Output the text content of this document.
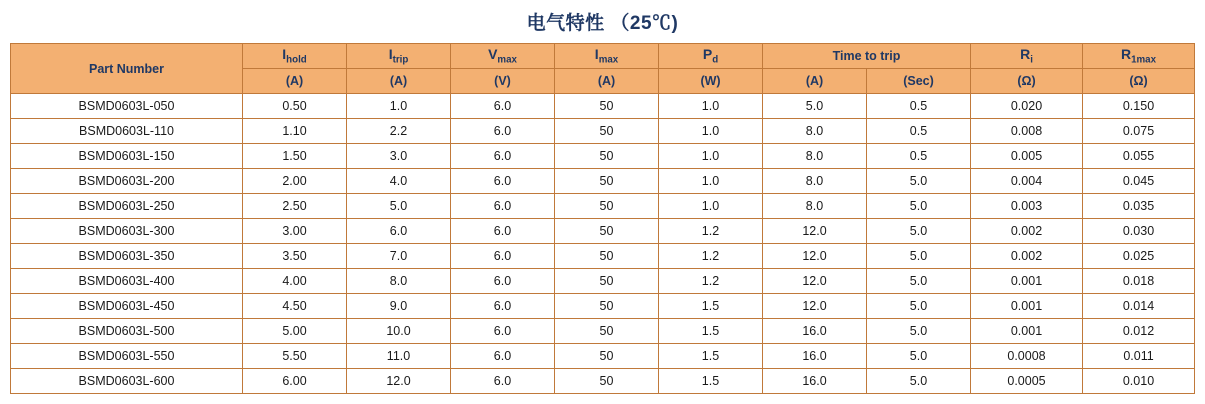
电气特性 （25℃)
Part Number	$I_{hold}$	$I_{trip}$	$V_{max}$	$I_{max}$	$P_d$	Time to trip		$R_i$	$R_{1max}$
	(A)	(A)	(V)	(A)	(W)	(A)	(Sec)	(Ω)	(Ω)
BSMD0603L-050	0.50	1.0	6.0	50	1.0	5.0	0.5	0.020	0.150
BSMD0603L-110	1.10	2.2	6.0	50	1.0	8.0	0.5	0.008	0.075
BSMD0603L-150	1.50	3.0	6.0	50	1.0	8.0	0.5	0.005	0.055
BSMD0603L-200	2.00	4.0	6.0	50	1.0	8.0	5.0	0.004	0.045
BSMD0603L-250	2.50	5.0	6.0	50	1.0	8.0	5.0	0.003	0.035
BSMD0603L-300	3.00	6.0	6.0	50	1.2	12.0	5.0	0.002	0.030
BSMD0603L-350	3.50	7.0	6.0	50	1.2	12.0	5.0	0.002	0.025
BSMD0603L-400	4.00	8.0	6.0	50	1.2	12.0	5.0	0.001	0.018
BSMD0603L-450	4.50	9.0	6.0	50	1.5	12.0	5.0	0.001	0.014
BSMD0603L-500	5.00	10.0	6.0	50	1.5	16.0	5.0	0.001	0.012
BSMD0603L-550	5.50	11.0	6.0	50	1.5	16.0	5.0	0.0008	0.011
BSMD0603L-600	6.00	12.0	6.0	50	1.5	16.0	5.0	0.0005	0.010
